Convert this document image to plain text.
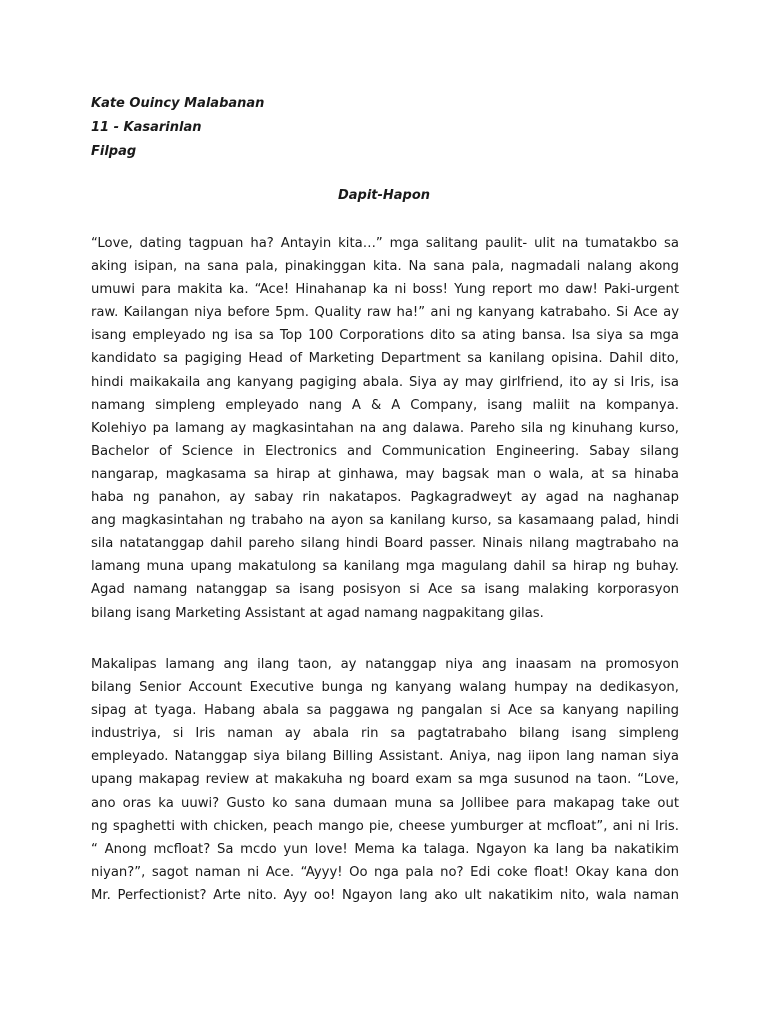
Kate Ouincy Malabanan
11 - Kasarinlan
Filpag
Dapit-Hapon
“Love, dating tagpuan ha? Antayin kita…” mga salitang paulit- ulit na tumatakbo sa
aking isipan, na sana pala, pinakinggan kita. Na sana pala, nagmadali nalang akong
umuwi para makita ka. “Ace! Hinahanap ka ni boss! Yung report mo daw! Paki-urgent
raw. Kailangan niya before 5pm. Quality raw ha!” ani ng kanyang katrabaho. Si Ace ay
isang empleyado ng isa sa Top 100 Corporations dito sa ating bansa. Isa siya sa mga
kandidato sa pagiging Head of Marketing Department sa kanilang opisina. Dahil dito,
hindi maikakaila ang kanyang pagiging abala. Siya ay may girlfriend, ito ay si Iris, isa
namang simpleng empleyado nang A & A Company, isang maliit na kompanya.
Kolehiyo pa lamang ay magkasintahan na ang dalawa. Pareho sila ng kinuhang kurso,
Bachelor of Science in Electronics and Communication Engineering. Sabay silang
nangarap, magkasama sa hirap at ginhawa, may bagsak man o wala, at sa hinaba
haba ng panahon, ay sabay rin nakatapos. Pagkagradweyt ay agad na naghanap
ang magkasintahan ng trabaho na ayon sa kanilang kurso, sa kasamaang palad, hindi
sila natatanggap dahil pareho silang hindi Board passer. Ninais nilang magtrabaho na
lamang muna upang makatulong sa kanilang mga magulang dahil sa hirap ng buhay.
Agad namang natanggap sa isang posisyon si Ace sa isang malaking korporasyon
bilang isang Marketing Assistant at agad namang nagpakitang gilas.
Makalipas lamang ang ilang taon, ay natanggap niya ang inaasam na promosyon
bilang Senior Account Executive bunga ng kanyang walang humpay na dedikasyon,
sipag at tyaga. Habang abala sa paggawa ng pangalan si Ace sa kanyang napiling
industriya, si Iris naman ay abala rin sa pagtatrabaho bilang isang simpleng
empleyado. Natanggap siya bilang Billing Assistant. Aniya, nag iipon lang naman siya
upang makapag review at makakuha ng board exam sa mga susunod na taon. “Love,
ano oras ka uuwi? Gusto ko sana dumaan muna sa Jollibee para makapag take out
ng spaghetti with chicken, peach mango pie, cheese yumburger at mcfloat”, ani ni Iris.
“ Anong mcfloat? Sa mcdo yun love! Mema ka talaga. Ngayon ka lang ba nakatikim
niyan?”, sagot naman ni Ace. “Ayyy! Oo nga pala no? Edi coke float! Okay kana don
Mr. Perfectionist? Arte nito. Ayy oo! Ngayon lang ako ult nakatikim nito, wala naman
